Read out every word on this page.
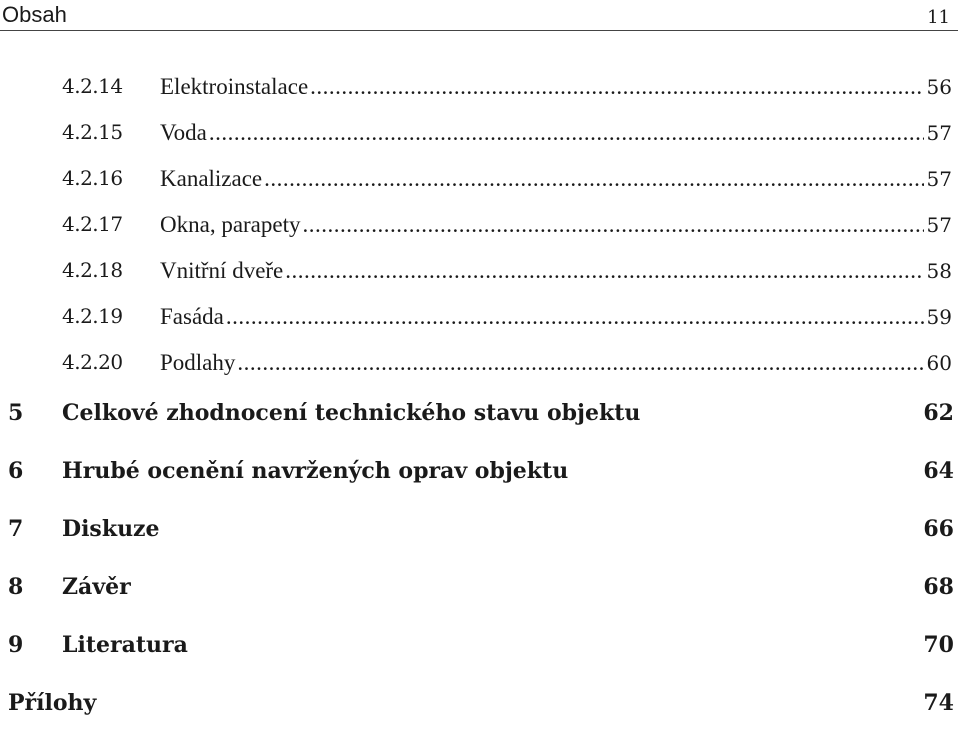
Obsah	11
4.2.14 Elektroinstalace .....	56
4.2.15 Voda .....	57
4.2.16 Kanalizace .....	57
4.2.17 Okna, parapety .....	57
4.2.18 Vnitřní dveře .....	58
4.2.19 Fasáda .....	59
4.2.20 Podlahy .....	60
5 Celkové zhodnocení technického stavu objektu	62
6 Hrubé ocenění navržených oprav objektu	64
7 Diskuze	66
8 Závěr	68
9 Literatura	70
Přílohy	74
